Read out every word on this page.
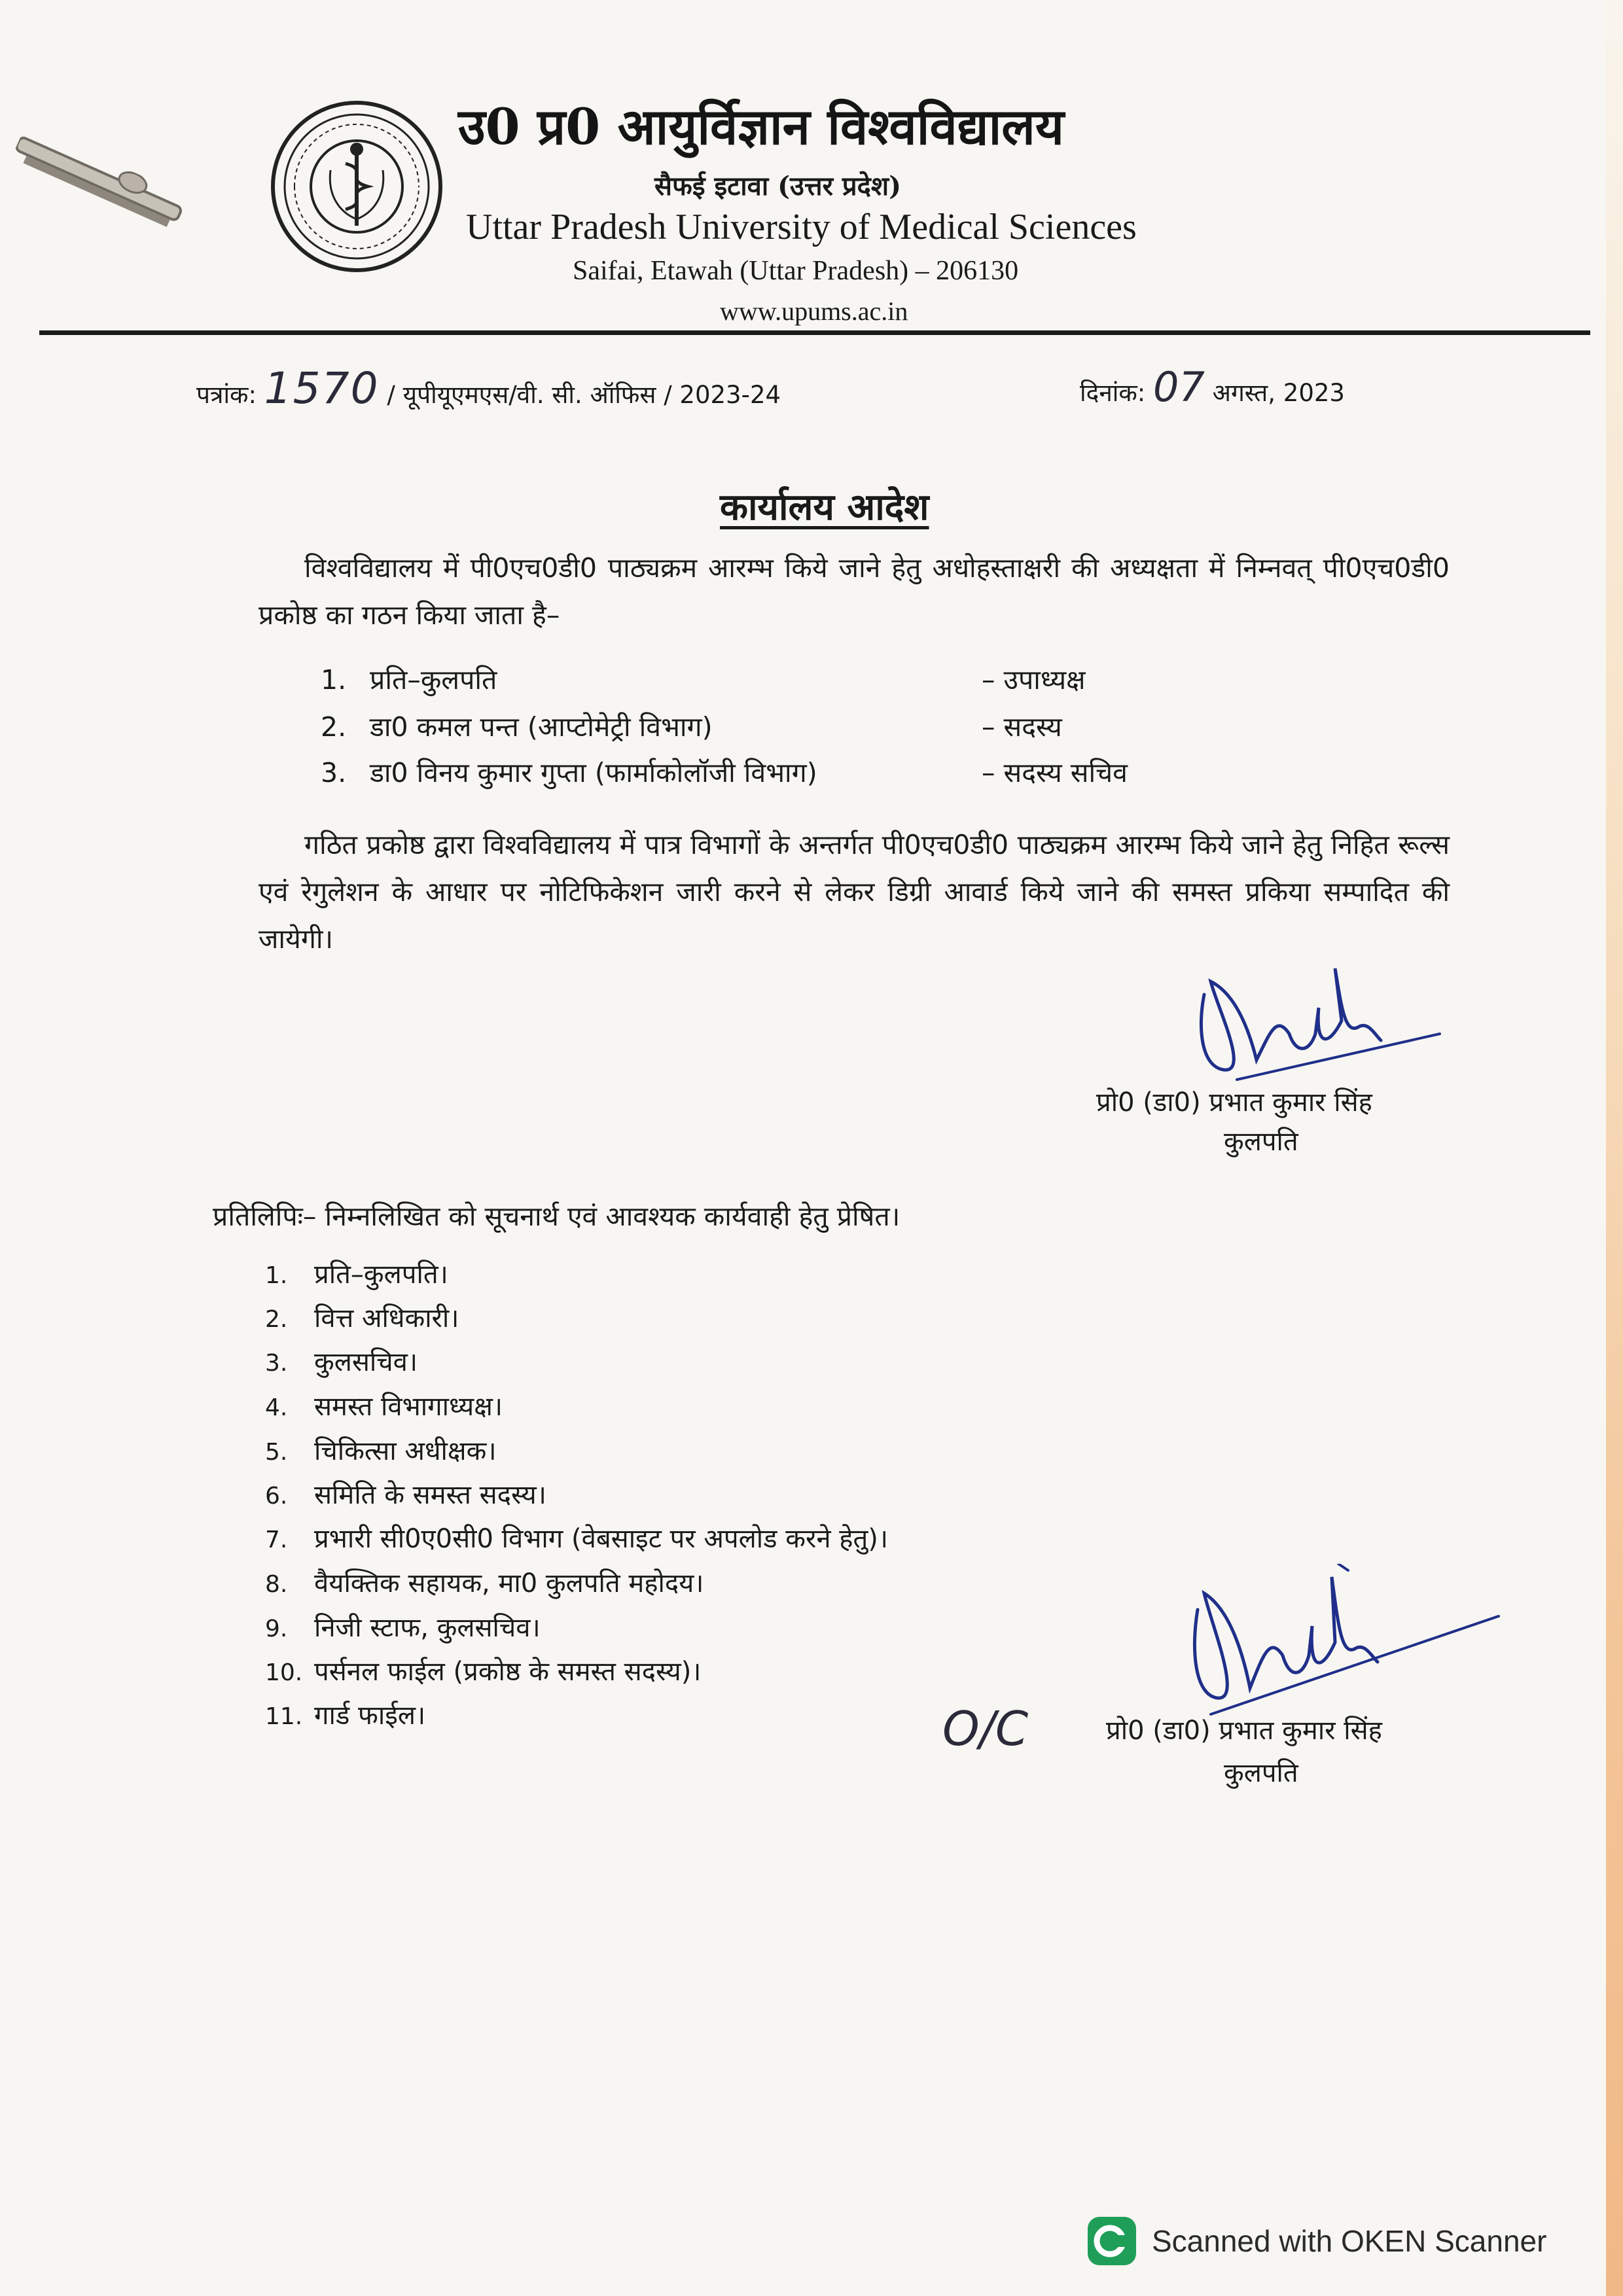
उ0 प्र0 आयुर्विज्ञान विश्वविद्यालय
सैफई इटावा (उत्तर प्रदेश)
Uttar Pradesh University of Medical Sciences
Saifai, Etawah (Uttar Pradesh) – 206130
www.upums.ac.in
पत्रांक: 1570 / यूपीयूएमएस/वी. सी. ऑफिस / 2023-24	दिनांक: 07 अगस्त, 2023
कार्यालय आदेश
विश्वविद्यालय में पी0एच0डी0 पाठ्यक्रम आरम्भ किये जाने हेतु अधोहस्ताक्षरी की अध्यक्षता में निम्नवत् पी0एच0डी0 प्रकोष्ठ का गठन किया जाता है–
1. प्रति–कुलपति	– उपाध्यक्ष
2. डा0 कमल पन्त (आप्टोमेट्री विभाग)	– सदस्य
3. डा0 विनय कुमार गुप्ता (फार्माकोलॉजी विभाग)	– सदस्य सचिव
गठित प्रकोष्ठ द्वारा विश्वविद्यालय में पात्र विभागों के अन्तर्गत पी0एच0डी0 पाठ्यक्रम आरम्भ किये जाने हेतु निहित रूल्स एवं रेगुलेशन के आधार पर नोटिफिकेशन जारी करने से लेकर डिग्री आवार्ड किये जाने की समस्त प्रकिया सम्पादित की जायेगी।
प्रो0 (डा0) प्रभात कुमार सिंह
कुलपति
प्रतिलिपिः– निम्नलिखित को सूचनार्थ एवं आवश्यक कार्यवाही हेतु प्रेषित।
1. प्रति–कुलपति।
2. वित्त अधिकारी।
3. कुलसचिव।
4. समस्त विभागाध्यक्ष।
5. चिकित्सा अधीक्षक।
6. समिति के समस्त सदस्य।
7. प्रभारी सी0ए0सी0 विभाग (वेबसाइट पर अपलोड करने हेतु)।
8. वैयक्तिक सहायक, मा0 कुलपति महोदय।
9. निजी स्टाफ, कुलसचिव।
10. पर्सनल फाईल (प्रकोष्ठ के समस्त सदस्य)।
11. गार्ड फाईल।	O/C	प्रो0 (डा0) प्रभात कुमार सिंह
कुलपति
Scanned with OKEN Scanner
